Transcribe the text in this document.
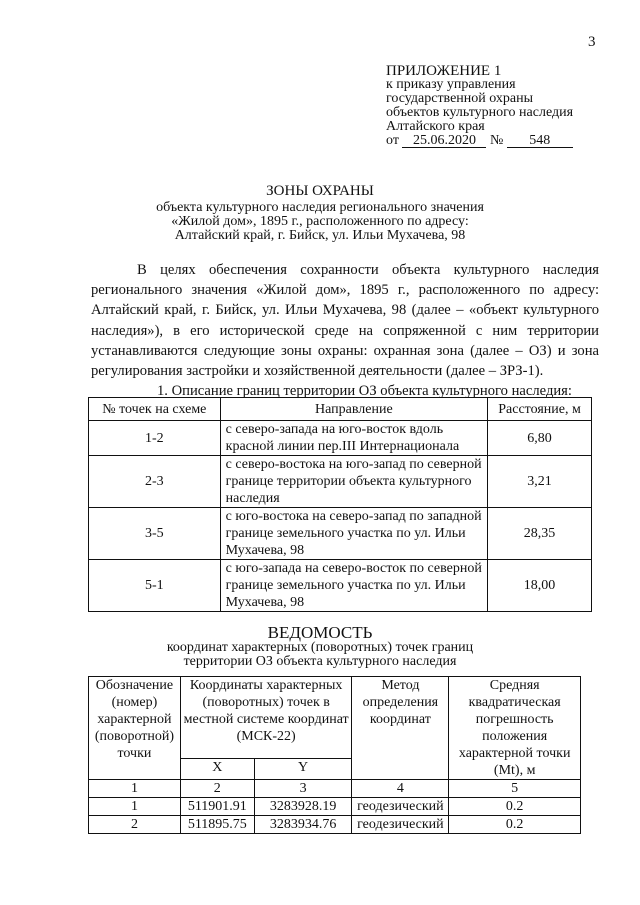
3
ПРИЛОЖЕНИЕ 1
к приказу управления
государственной охраны
объектов культурного наследия
Алтайского края
от 25.06.2020 № 548
ЗОНЫ ОХРАНЫ
объекта культурного наследия регионального значения
«Жилой дом», 1895 г., расположенного по адресу:
Алтайский край, г. Бийск, ул. Ильи Мухачева, 98

В целях обеспечения сохранности объекта культурного наследия регионального значения «Жилой дом», 1895 г., расположенного по адресу: Алтайский край, г. Бийск, ул. Ильи Мухачева, 98 (далее – «объект культурного наследия»), в его исторической среде на сопряженной с ним территории устанавливаются следующие зоны охраны: охранная зона (далее – ОЗ) и зона регулирования застройки и хозяйственной деятельности (далее – ЗРЗ-1).

1. Описание границ территории ОЗ объекта культурного наследия:

№ точек на схеме	Направление	Расстояние, м
1-2	с северо-запада на юго-восток вдоль красной линии пер.III Интернационала	6,80
2-3	с северо-востока на юго-запад по северной границе территории объекта культурного наследия	3,21
3-5	с юго-востока на северо-запад по западной границе земельного участка по ул. Ильи Мухачева, 98	28,35
5-1	с юго-запада на северо-восток по северной границе земельного участка по ул. Ильи Мухачева, 98	18,00
ВЕДОМОСТЬ
координат характерных (поворотных) точек границ
территории ОЗ объекта культурного наследия
Обозначение (номер) характерной (поворотной) точки	Координаты характерных (поворотных) точек в местной системе координат (МСК-22)		Метод определения координат	Средняя квадратическая погрешность положения характерной точки (Mt), м
	X	Y		
1	2	3	4	5
1	511901.91	3283928.19	геодезический	0.2
2	511895.75	3283934.76	геодезический	0.2
